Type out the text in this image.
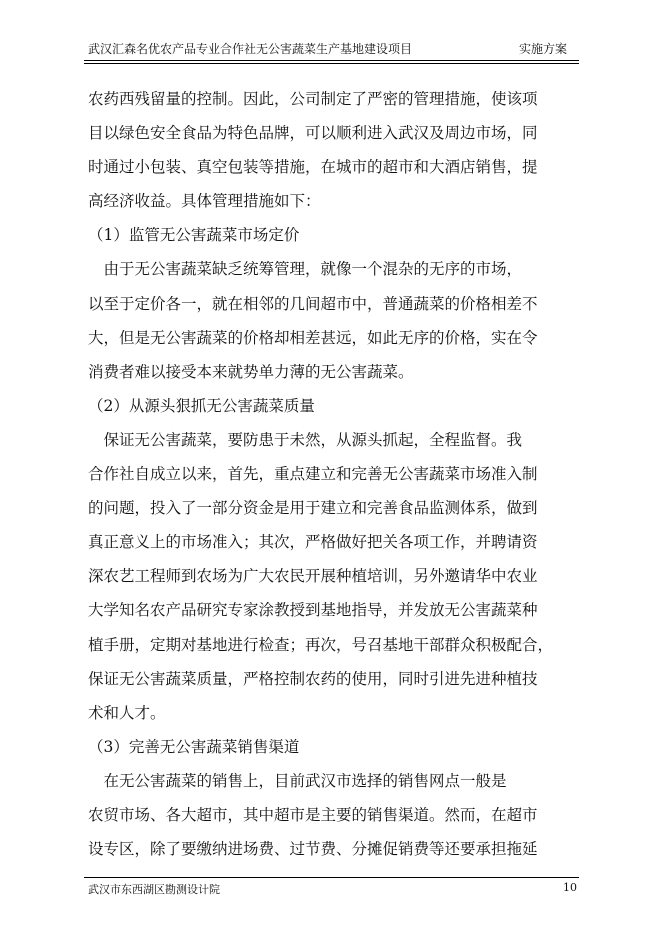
武汉汇森名优农产品专业合作社无公害蔬菜生产基地建设项目	实施方案
农药西残留量的控制。因此，公司制定了严密的管理措施，使该项
目以绿色安全食品为特色品牌，可以顺利进入武汉及周边市场，同
时通过小包装、真空包装等措施，在城市的超市和大酒店销售，提
高经济收益。具体管理措施如下：
（1）监管无公害蔬菜市场定价
　由于无公害蔬菜缺乏统筹管理，就像一个混杂的无序的市场，
以至于定价各一，就在相邻的几间超市中，普通蔬菜的价格相差不
大，但是无公害蔬菜的价格却相差甚远，如此无序的价格，实在令
消费者难以接受本来就势单力薄的无公害蔬菜。
（2）从源头狠抓无公害蔬菜质量
　保证无公害蔬菜，要防患于未然，从源头抓起，全程监督。我
合作社自成立以来，首先，重点建立和完善无公害蔬菜市场准入制
的问题，投入了一部分资金是用于建立和完善食品监测体系，做到
真正意义上的市场准入；其次，严格做好把关各项工作，并聘请资
深农艺工程师到农场为广大农民开展种植培训，另外邀请华中农业
大学知名农产品研究专家涂教授到基地指导，并发放无公害蔬菜种
植手册，定期对基地进行检查；再次，号召基地干部群众积极配合，
保证无公害蔬菜质量，严格控制农药的使用，同时引进先进种植技
术和人才。
（3）完善无公害蔬菜销售渠道
　在无公害蔬菜的销售上，目前武汉市选择的销售网点一般是
农贸市场、各大超市，其中超市是主要的销售渠道。然而，在超市
设专区，除了要缴纳进场费、过节费、分摊促销费等还要承担拖延
武汉市东西湖区勘测设计院	10
